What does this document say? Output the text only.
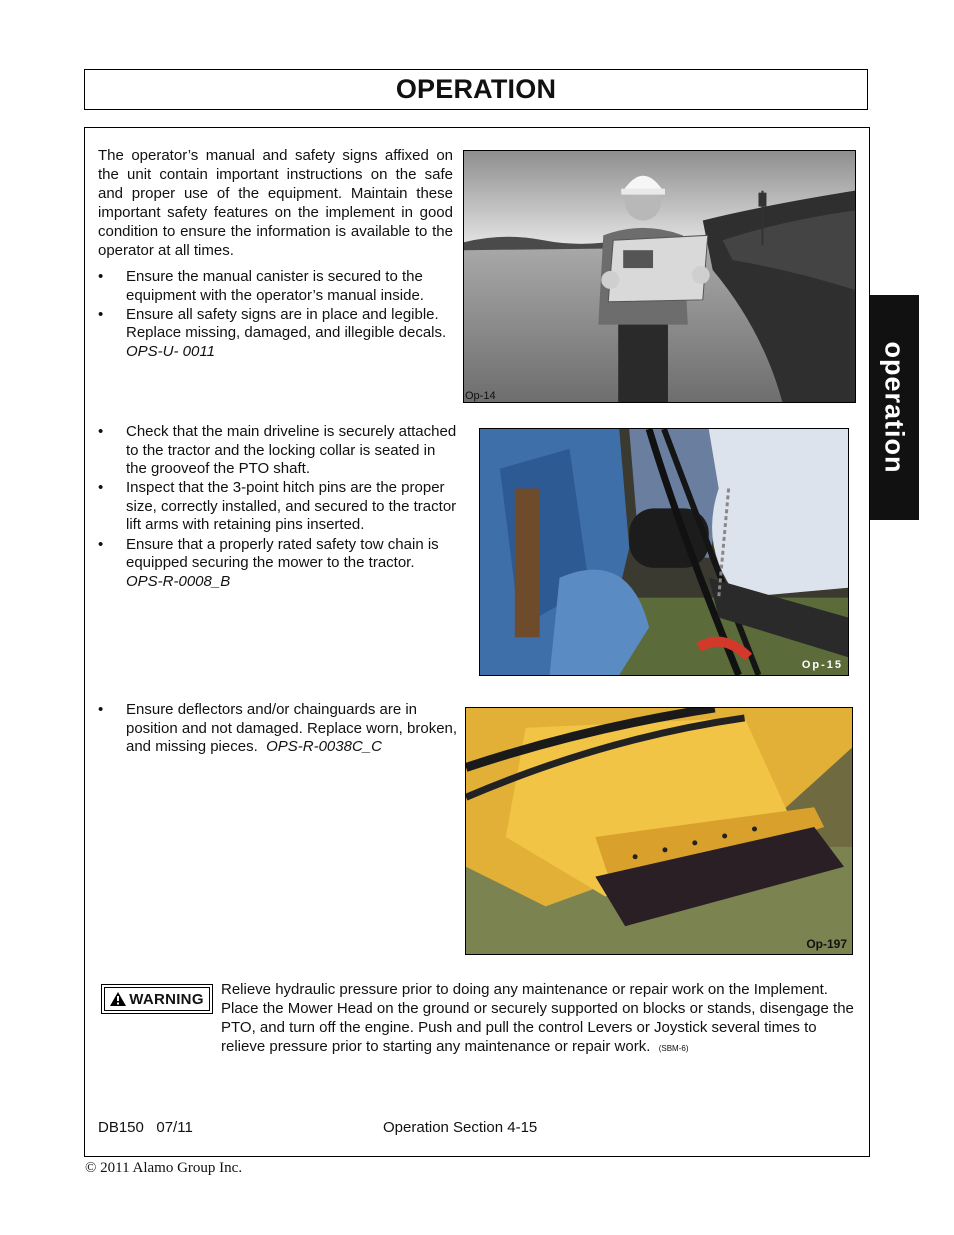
OPERATION
operation
The operator’s manual and safety signs affixed on the unit contain important instructions on the safe and proper use of the equipment. Maintain these important safety features on the implement in good condition to ensure the information is available to the operator at all times.
• Ensure the manual canister is secured to the equipment with the operator’s manual inside.
• Ensure all safety signs are in place and legible. Replace missing, damaged, and illegible decals.  OPS-U- 0011
Op-14
• Check that the main driveline is securely attached to the tractor and the locking collar is seated in the grooveof the PTO shaft.
• Inspect that the 3-point hitch pins are the proper size, correctly installed, and secured to the tractor lift arms with retaining pins inserted.
• Ensure that a properly rated safety tow chain is equipped securing the mower to the tractor.
OPS-R-0008_B
Op-15
• Ensure deflectors and/or chainguards are in position and not damaged. Replace worn, broken, and missing pieces. OPS-R-0038C_C
Op-197
WARNING
Relieve hydraulic pressure prior to doing any maintenance or repair work on the Implement. Place the Mower Head on the ground or securely supported on blocks or stands, disengage the PTO, and turn off the engine. Push and pull the control Levers or Joystick several times to relieve pressure prior to starting any maintenance or repair work. (SBM-6)
DB150   07/11	Operation Section 4-15
© 2011 Alamo Group Inc.
